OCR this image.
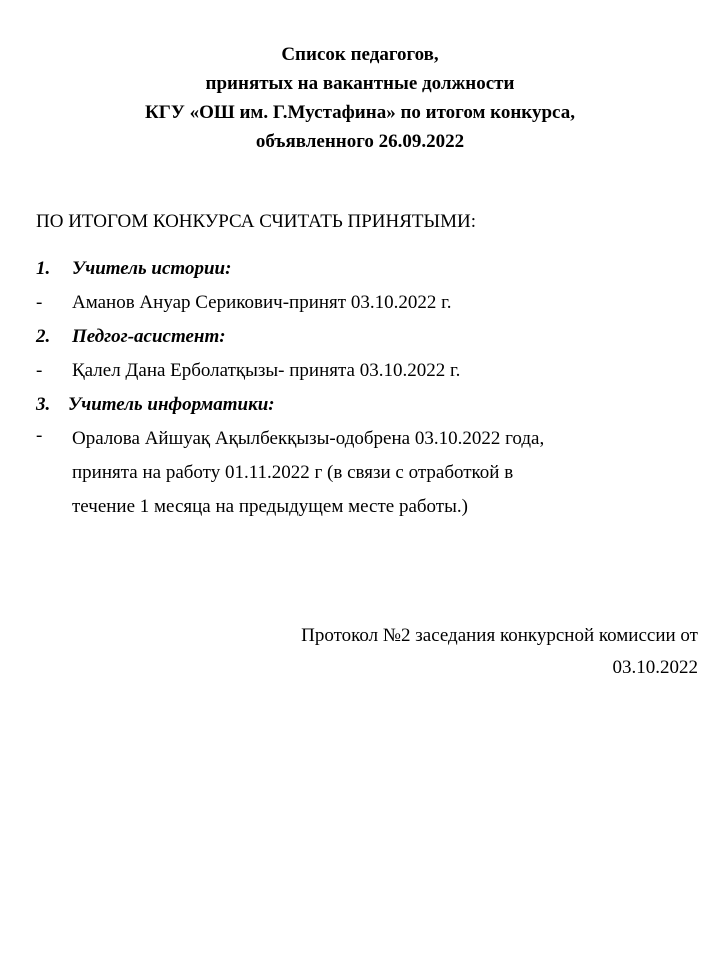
Список педагогов,
принятых на вакантные должности
КГУ «ОШ им. Г.Мустафина» по итогом конкурса,
объявленного 26.09.2022
ПО ИТОГОМ КОНКУРСА СЧИТАТЬ ПРИНЯТЫМИ:
1. Учитель истории:
- Аманов Ануар Серикович-принят 03.10.2022 г.
2. Педгог-асистент:
- Қалел Дана Ерболатқызы- принята 03.10.2022 г.
3. Учитель информатики:
- Оралова Айшуақ Ақылбекқызы-одобрена 03.10.2022 года,
принята на работу 01.11.2022 г (в связи с отработкой в
течение 1 месяца на предыдущем месте работы.)
Протокол №2 заседания конкурсной комиссии от
03.10.2022
